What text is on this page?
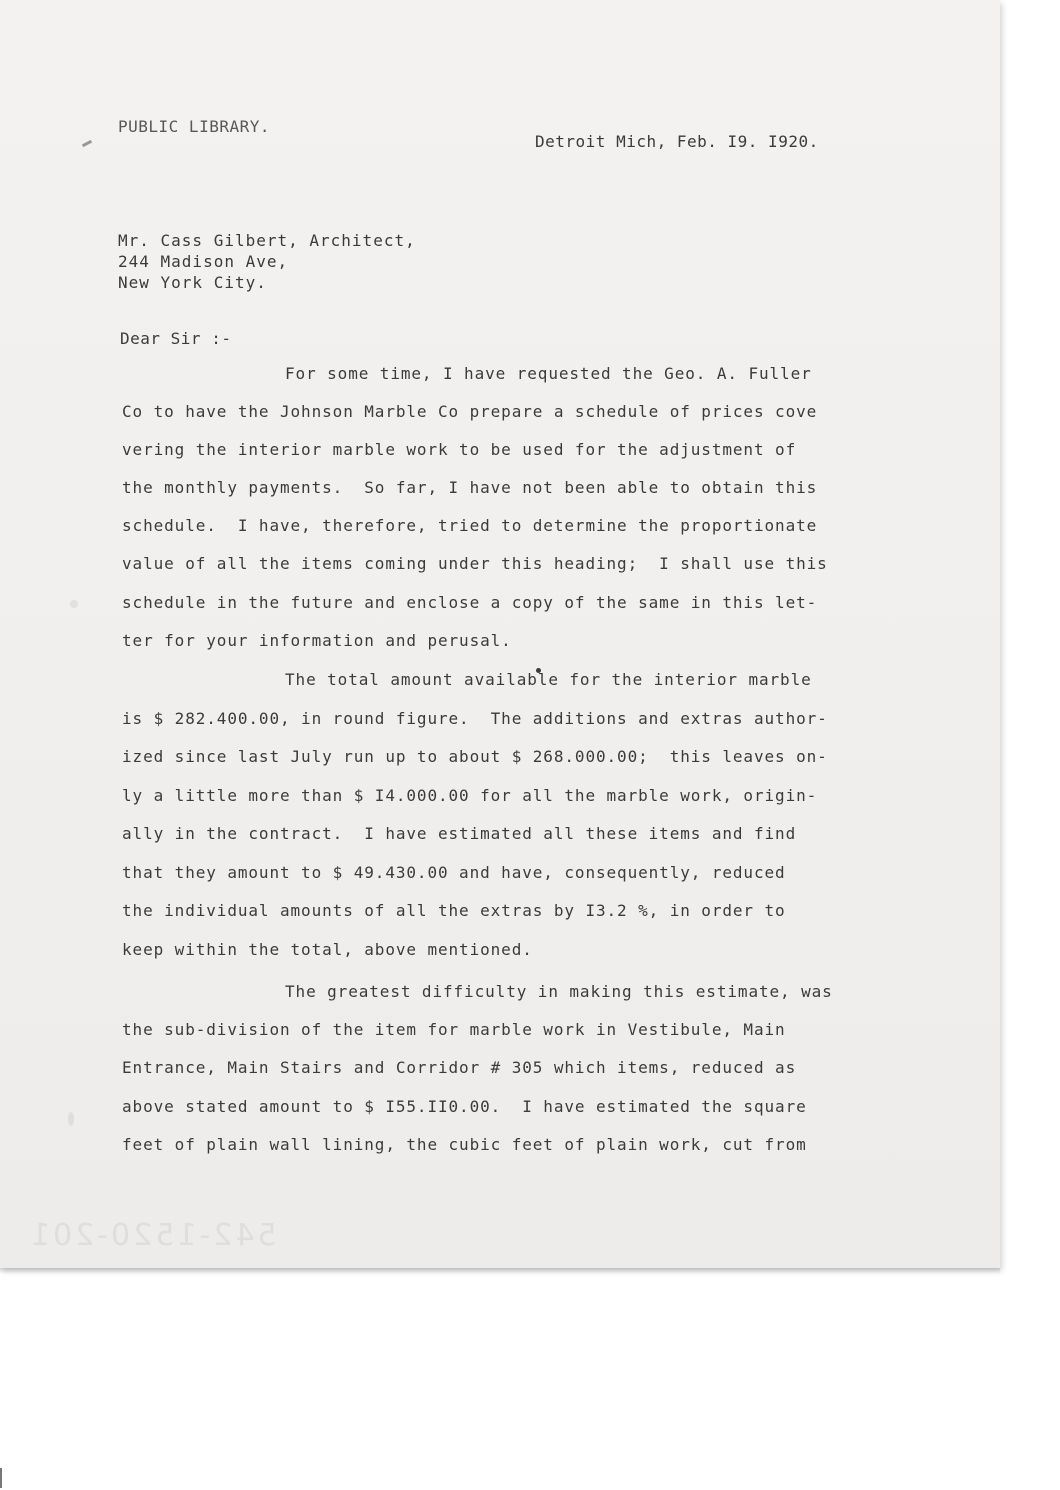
PUBLIC LIBRARY.
Detroit Mich, Feb. I9. I920.
Mr. Cass Gilbert, Architect,
244 Madison Ave,
New York City.
Dear Sir :-
For some time, I have requested the Geo. A. Fuller
Co to have the Johnson Marble Co prepare a schedule of prices cove
vering the interior marble work to be used for the adjustment of
the monthly payments.  So far, I have not been able to obtain this
schedule.  I have, therefore, tried to determine the proportionate
value of all the items coming under this heading;  I shall use this
schedule in the future and enclose a copy of the same in this let-
ter for your information and perusal.
The total amount available for the interior marble
is $ 282.400.00, in round figure.  The additions and extras author-
ized since last July run up to about $ 268.000.00;  this leaves on-
ly a little more than $ I4.000.00 for all the marble work, origin-
ally in the contract.  I have estimated all these items and find
that they amount to $ 49.430.00 and have, consequently, reduced
the individual amounts of all the extras by I3.2 %, in order to
keep within the total, above mentioned.
The greatest difficulty in making this estimate, was
the sub-division of the item for marble work in Vestibule, Main
Entrance, Main Stairs and Corridor # 305 which items, reduced as
above stated amount to $ I55.II0.00.  I have estimated the square
feet of plain wall lining, the cubic feet of plain work, cut from
542-1520-201
